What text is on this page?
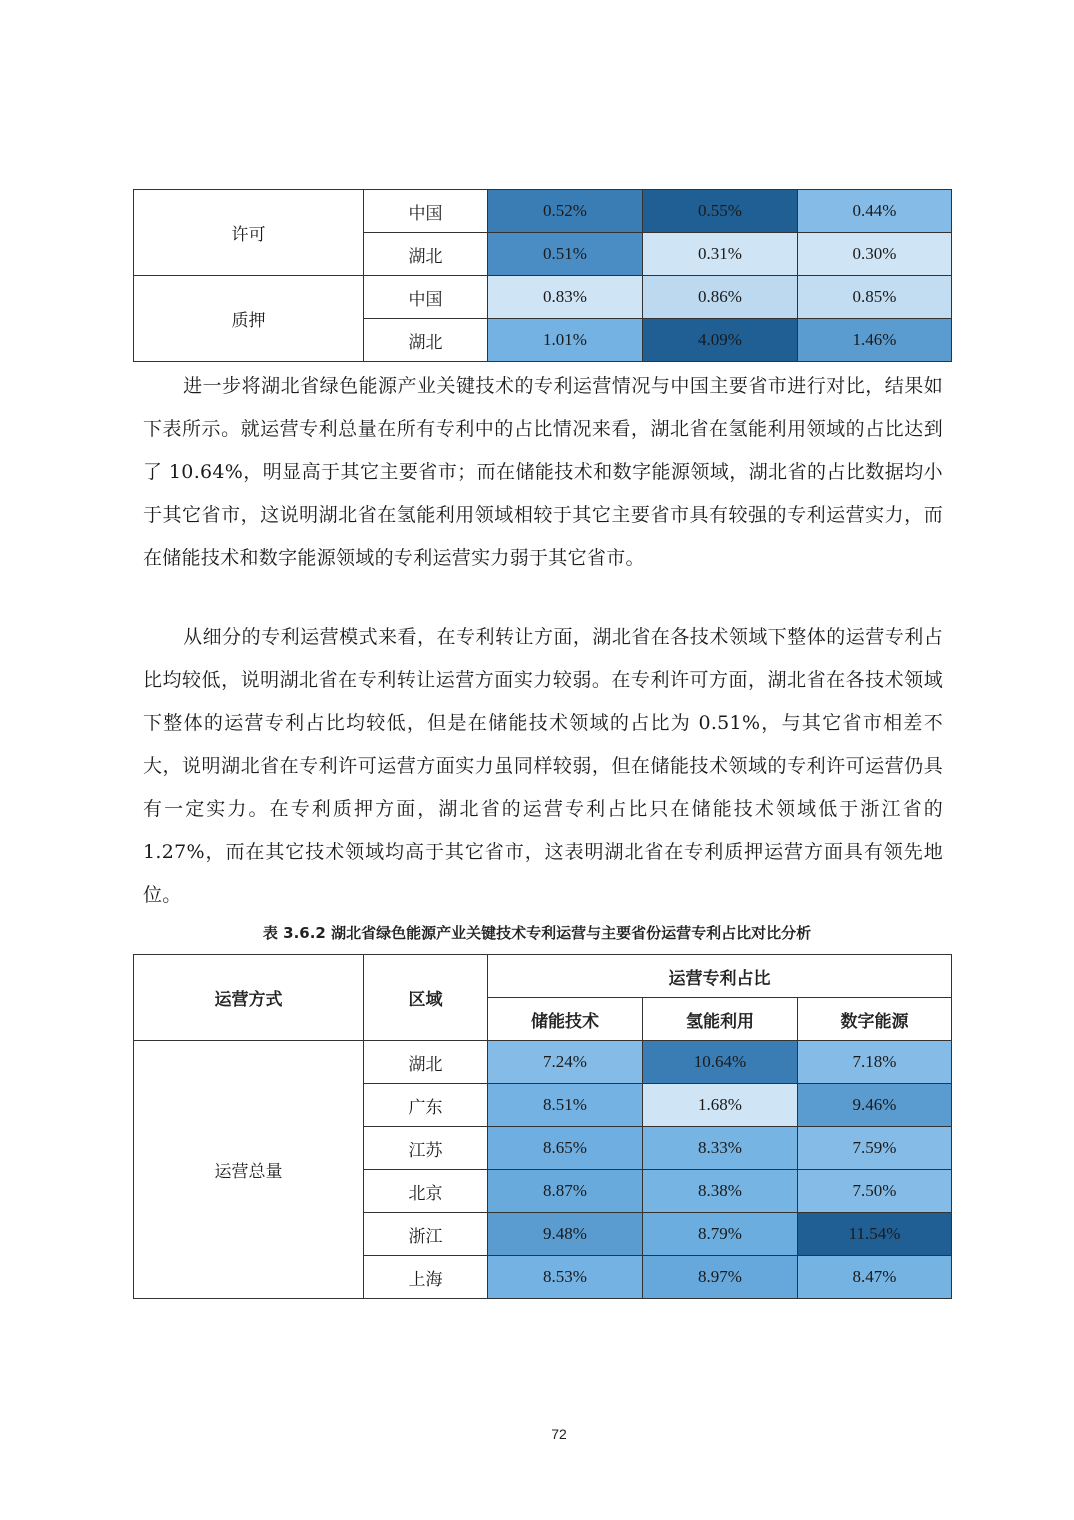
许可	中国	0.52%	0.55%	0.44%
湖北	0.51%	0.31%	0.30%
质押	中国	0.83%	0.86%	0.85%
湖北	1.01%	4.09%	1.46%

进一步将湖北省绿色能源产业关键技术的专利运营情况与中国主要省市进行对比，结果如下表所示。就运营专利总量在所有专利中的占比情况来看，湖北省在氢能利用领域的占比达到了 10.64%，明显高于其它主要省市；而在储能技术和数字能源领域，湖北省的占比数据均小于其它省市，这说明湖北省在氢能利用领域相较于其它主要省市具有较强的专利运营实力，而在储能技术和数字能源领域的专利运营实力弱于其它省市。

从细分的专利运营模式来看，在专利转让方面，湖北省在各技术领域下整体的运营专利占比均较低，说明湖北省在专利转让运营方面实力较弱。在专利许可方面，湖北省在各技术领域下整体的运营专利占比均较低，但是在储能技术领域的占比为 0.51%，与其它省市相差不大，说明湖北省在专利许可运营方面实力虽同样较弱，但在储能技术领域的专利许可运营仍具有一定实力。在专利质押方面，湖北省的运营专利占比只在储能技术领域低于浙江省的 1.27%，而在其它技术领域均高于其它省市，这表明湖北省在专利质押运营方面具有领先地位。

表 3.6.2 湖北省绿色能源产业关键技术专利运营与主要省份运营专利占比对比分析
运营方式	区域	运营专利占比
储能技术	氢能利用	数字能源
运营总量	湖北	7.24%	10.64%	7.18%
广东	8.51%	1.68%	9.46%
江苏	8.65%	8.33%	7.59%
北京	8.87%	8.38%	7.50%
浙江	9.48%	8.79%	11.54%
上海	8.53%	8.97%	8.47%
72
